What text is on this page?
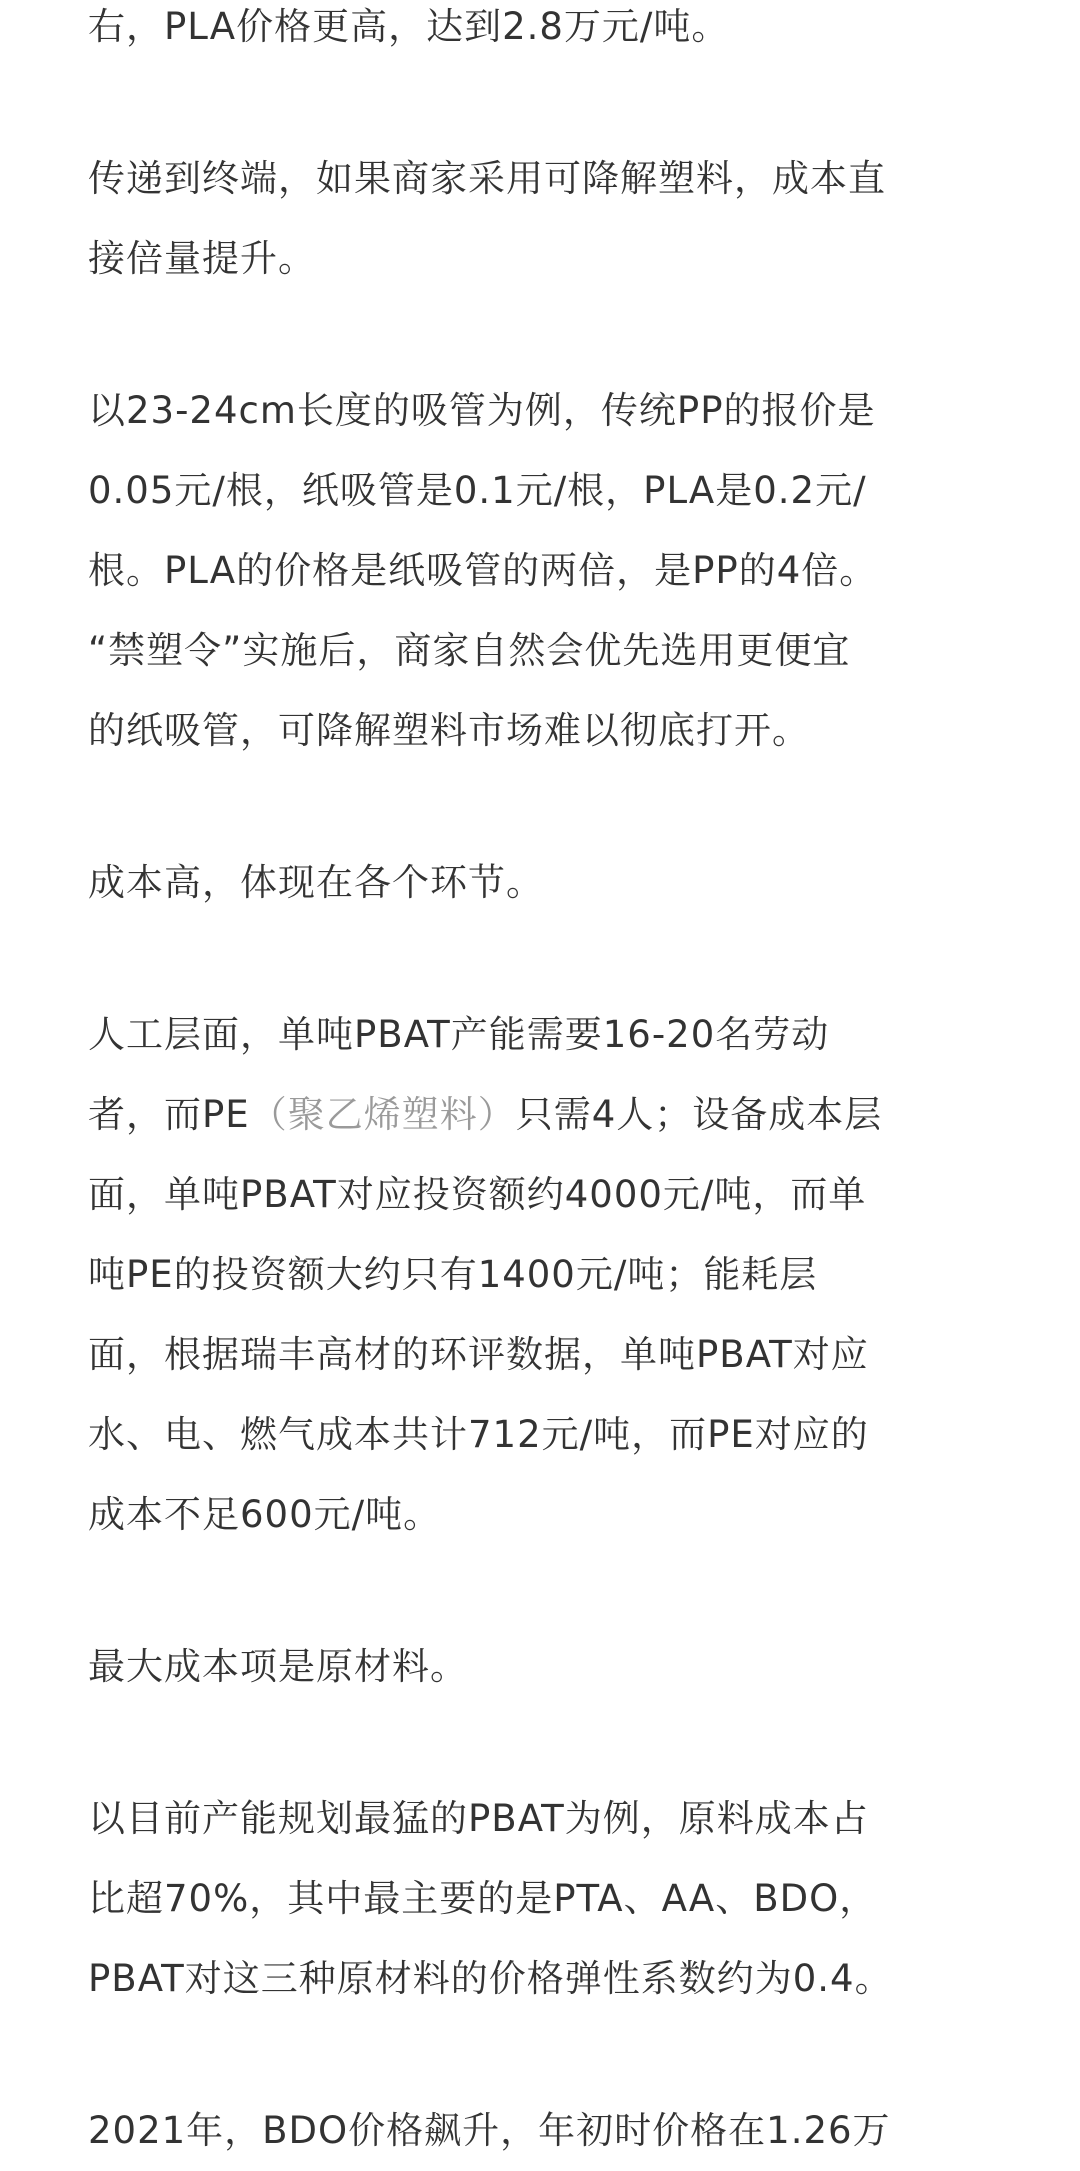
右，PLA价格更高，达到2.8万元/吨。
传递到终端，如果商家采用可降解塑料，成本直
接倍量提升。
以23-24cm长度的吸管为例，传统PP的报价是
0.05元/根，纸吸管是0.1元/根，PLA是0.2元/
根。PLA的价格是纸吸管的两倍，是PP的4倍。
“禁塑令”实施后，商家自然会优先选用更便宜
的纸吸管，可降解塑料市场难以彻底打开。
成本高，体现在各个环节。
人工层面，单吨PBAT产能需要16-20名劳动
者，而PE（聚乙烯塑料）只需4人；设备成本层
面，单吨PBAT对应投资额约4000元/吨，而单
吨PE的投资额大约只有1400元/吨；能耗层
面，根据瑞丰高材的环评数据，单吨PBAT对应
水、电、燃气成本共计712元/吨，而PE对应的
成本不足600元/吨。
最大成本项是原材料。
以目前产能规划最猛的PBAT为例，原料成本占
比超70%，其中最主要的是PTA、AA、BDO，
PBAT对这三种原材料的价格弹性系数约为0.4。
2021年，BDO价格飙升，年初时价格在1.26万
